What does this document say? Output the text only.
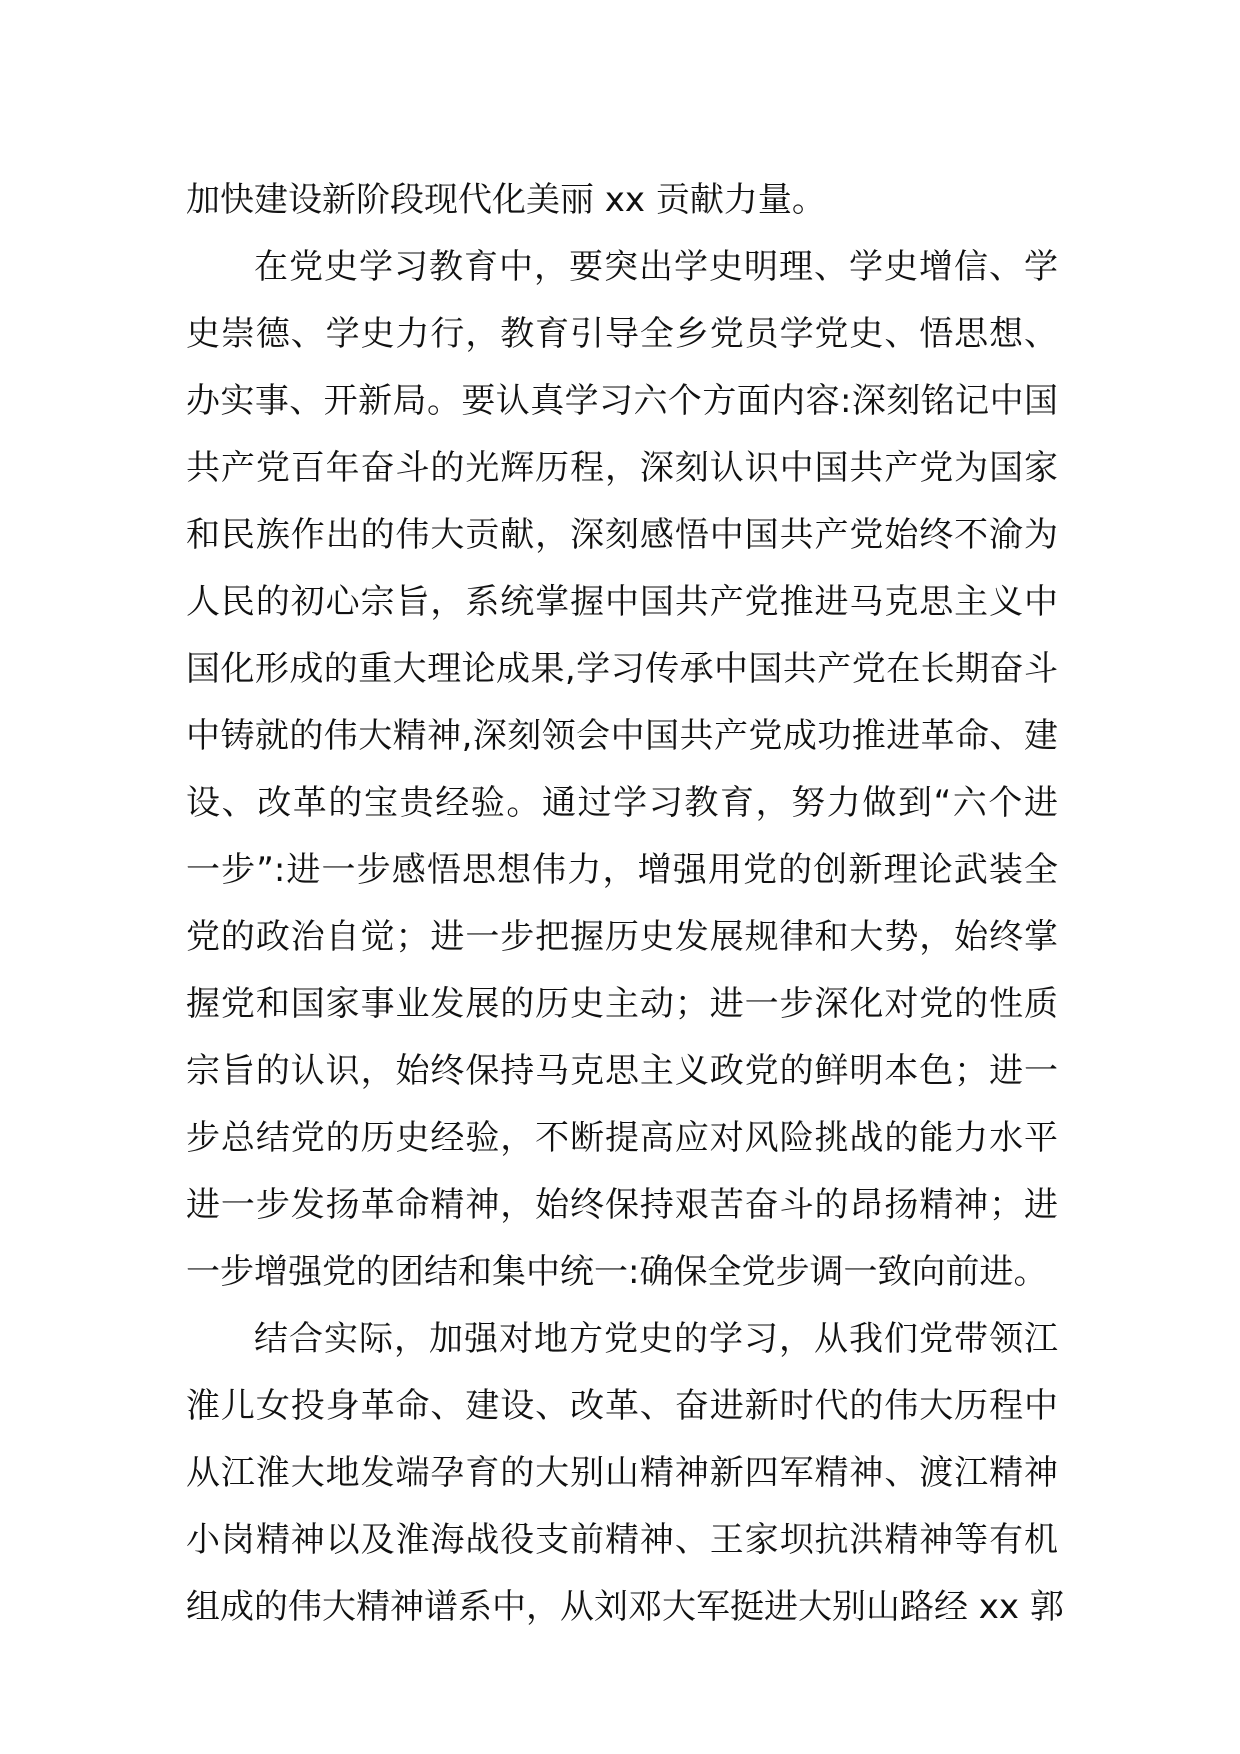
加快建设新阶段现代化美丽 xx 贡献力量。
在党史学习教育中，要突出学史明理、学史增信、学
史崇德、学史力行，教育引导全乡党员学党史、悟思想、
办实事、开新局。要认真学习六个方面内容:深刻铭记中国
共产党百年奋斗的光辉历程，深刻认识中国共产党为国家
和民族作出的伟大贡献，深刻感悟中国共产党始终不渝为
人民的初心宗旨，系统掌握中国共产党推进马克思主义中
国化形成的重大理论成果,学习传承中国共产党在长期奋斗
中铸就的伟大精神,深刻领会中国共产党成功推进革命、建
设、改革的宝贵经验。通过学习教育，努力做到“六个进
一步”:进一步感悟思想伟力，增强用党的创新理论武装全
党的政治自觉；进一步把握历史发展规律和大势，始终掌
握党和国家事业发展的历史主动；进一步深化对党的性质
宗旨的认识，始终保持马克思主义政党的鲜明本色；进一
步总结党的历史经验，不断提高应对风险挑战的能力水平
进一步发扬革命精神，始终保持艰苦奋斗的昂扬精神；进
一步增强党的团结和集中统一:确保全党步调一致向前进。
结合实际，加强对地方党史的学习，从我们党带领江
淮儿女投身革命、建设、改革、奋进新时代的伟大历程中
从江淮大地发端孕育的大别山精神新四军精神、渡江精神
小岗精神以及淮海战役支前精神、王家坝抗洪精神等有机
组成的伟大精神谱系中，从刘邓大军挺进大别山路经 xx 郭
